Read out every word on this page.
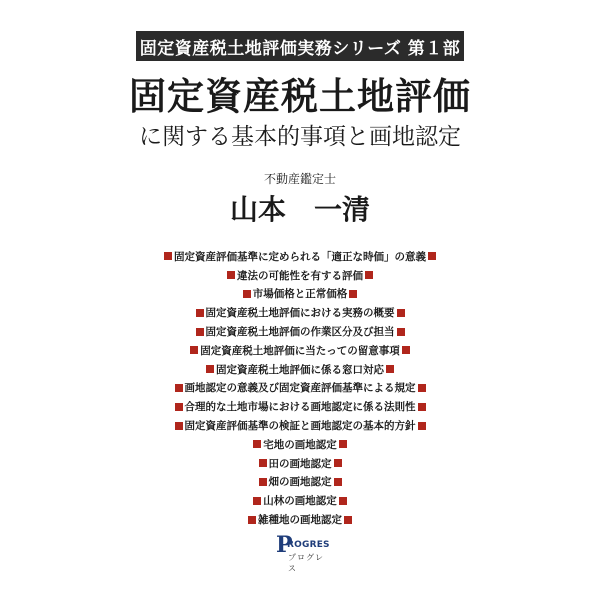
固定資産税土地評価実務シリーズ 第１部
固定資産税土地評価
に関する基本的事項と画地認定
不動産鑑定士
山本　一清
固定資産評価基準に定められる「適正な時価」の意義
違法の可能性を有する評価
市場価格と正常価格
固定資産税土地評価における実務の概要
固定資産税土地評価の作業区分及び担当
固定資産税土地評価に当たっての留意事項
固定資産税土地評価に係る窓口対応
画地認定の意義及び固定資産評価基準による規定
合理的な土地市場における画地認定に係る法則性
固定資産評価基準の検証と画地認定の基本的方針
宅地の画地認定
田の画地認定
畑の画地認定
山林の画地認定
雑種地の画地認定
P
ROGRES
プログレス
